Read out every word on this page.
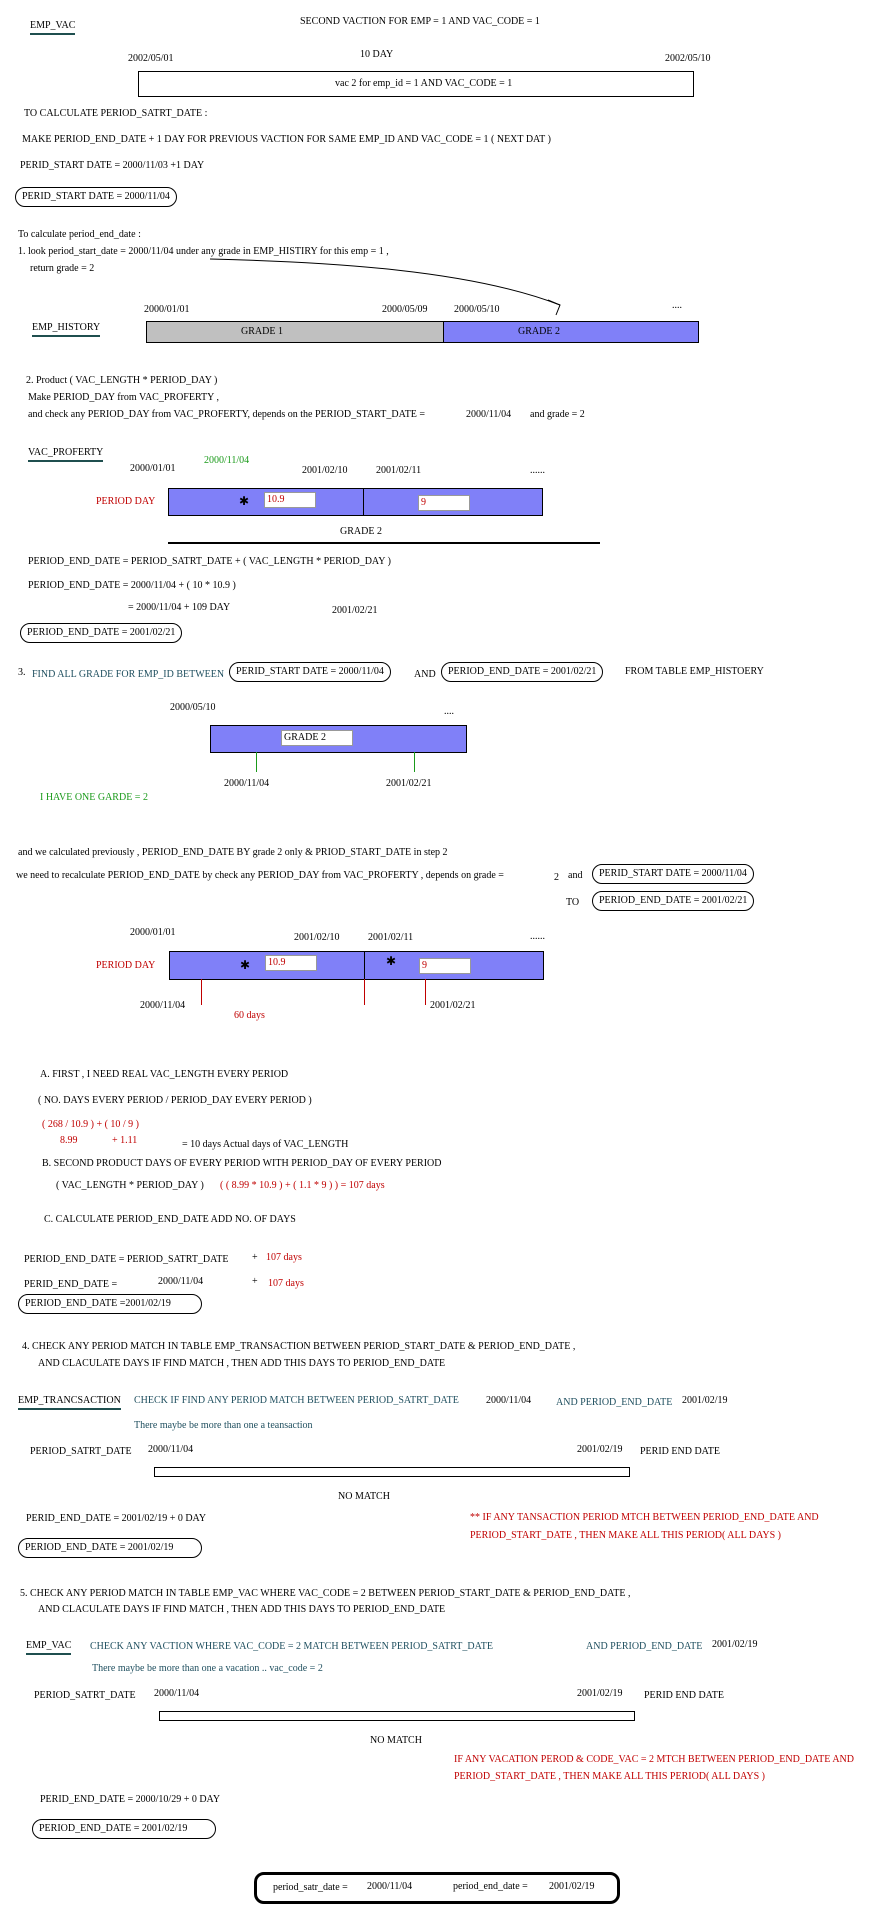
EMP_VAC	SECOND VACTION FOR EMP = 1 AND VAC_CODE = 1
2002/05/01	10 DAY	2002/05/10
vac 2 for emp_id = 1 AND VAC_CODE = 1
TO CALCULATE PERIOD_SATRT_DATE :
MAKE PERIOD_END_DATE + 1 DAY FOR PREVIOUS VACTION FOR SAME EMP_ID AND VAC_CODE = 1 ( NEXT DAT )
PERID_START DATE = 2000/11/03 +1 DAY
PERID_START DATE = 2000/11/04
To calculate period_end_date :
1. look period_start_date = 2000/11/04 under any grade in EMP_HISTIRY for this emp = 1 ,
return grade = 2
2000/01/01	2000/05/09	2000/05/10	....
EMP_HISTORY	GRADE 1	GRADE 2
2. Product ( VAC_LENGTH * PERIOD_DAY )
Make PERIOD_DAY from VAC_PROFERTY ,
and check any PERIOD_DAY from VAC_PROFERTY, depends on the PERIOD_START_DATE =	2000/11/04 and grade = 2
VAC_PROFERTY
2000/11/04
2000/01/01	2001/02/10	2001/02/11	......
PERIOD DAY	✱	10.9	9
GRADE 2
PERIOD_END_DATE = PERIOD_SATRT_DATE + ( VAC_LENGTH * PERIOD_DAY )
PERIOD_END_DATE = 2000/11/04 + ( 10 * 10.9 )
= 2000/11/04 + 109 DAY	2001/02/21
PERIOD_END_DATE = 2001/02/21
3. FIND ALL GRADE FOR EMP_ID BETWEEN	PERID_START DATE = 2000/11/04	AND	PERIOD_END_DATE = 2001/02/21	FROM TABLE EMP_HISTOERY
2000/05/10	....
GRADE 2
2000/11/04	2001/02/21
I HAVE ONE GARDE = 2
and we calculated previously , PERIOD_END_DATE BY grade 2 only & PRIOD_START_DATE in step 2
we need to recalculate PERIOD_END_DATE by check any PERIOD_DAY from VAC_PROFERTY , depends on grade =	2 and	PERID_START DATE = 2000/11/04
TO	PERIOD_END_DATE = 2001/02/21
2000/01/01	2001/02/10	2001/02/11	......
PERIOD DAY	✱	✱
10.9	9
2000/11/04
60 days
2001/02/21
A. FIRST , I NEED REAL VAC_LENGTH EVERY PERIOD
( NO. DAYS EVERY PERIOD / PERIOD_DAY EVERY PERIOD )
( 268 / 10.9 ) + ( 10 / 9 )
8.99	+ 1.11	= 10 days Actual days of VAC_LENGTH
B. SECOND PRODUCT DAYS OF EVERY PERIOD WITH PERIOD_DAY OF EVERY PERIOD
( VAC_LENGTH * PERIOD_DAY ) ( ( 8.99 * 10.9 ) + ( 1.1 * 9 ) ) = 107 days
C. CALCULATE PERIOD_END_DATE ADD NO. OF DAYS
PERIOD_END_DATE = PERIOD_SATRT_DATE + 107 days
PERID_END_DATE =	2000/11/04	+ 107 days
PERIOD_END_DATE =2001/02/19
4. CHECK ANY PERIOD MATCH IN TABLE EMP_TRANSACTION BETWEEN PERIOD_START_DATE & PERIOD_END_DATE ,
AND CLACULATE DAYS IF FIND MATCH , THEN ADD THIS DAYS TO PERIOD_END_DATE
EMP_TRANCSACTION CHECK IF FIND ANY PERIOD MATCH BETWEEN PERIOD_SATRT_DATE	2000/11/04 AND PERIOD_END_DATE 2001/02/19
There maybe be more than one a teansaction
PERIOD_SATRT_DATE 2000/11/04	2001/02/19 PERID END DATE
NO MATCH
PERID_END_DATE = 2001/02/19 + 0 DAY	** IF ANY TANSACTION PERIOD MTCH BETWEEN PERIOD_END_DATE AND
PERIOD_START_DATE , THEN MAKE ALL THIS PERIOD( ALL DAYS )
PERIOD_END_DATE = 2001/02/19
5. CHECK ANY PERIOD MATCH IN TABLE EMP_VAC WHERE VAC_CODE = 2 BETWEEN PERIOD_START_DATE & PERIOD_END_DATE ,
AND CLACULATE DAYS IF FIND MATCH , THEN ADD THIS DAYS TO PERIOD_END_DATE
EMP_VAC CHECK ANY VACTION WHERE VAC_CODE = 2 MATCH BETWEEN PERIOD_SATRT_DATE	AND PERIOD_END_DATE 2001/02/19
There maybe be more than one a vacation .. vac_code = 2
PERIOD_SATRT_DATE 2000/11/04	2001/02/19 PERID END DATE
NO MATCH
IF ANY VACATION PEROD & CODE_VAC = 2 MTCH BETWEEN PERIOD_END_DATE AND
PERIOD_START_DATE , THEN MAKE ALL THIS PERIOD( ALL DAYS )
PERID_END_DATE = 2000/10/29 + 0 DAY
PERIOD_END_DATE = 2001/02/19
period_satr_date = 2000/11/04	period_end_date = 2001/02/19
